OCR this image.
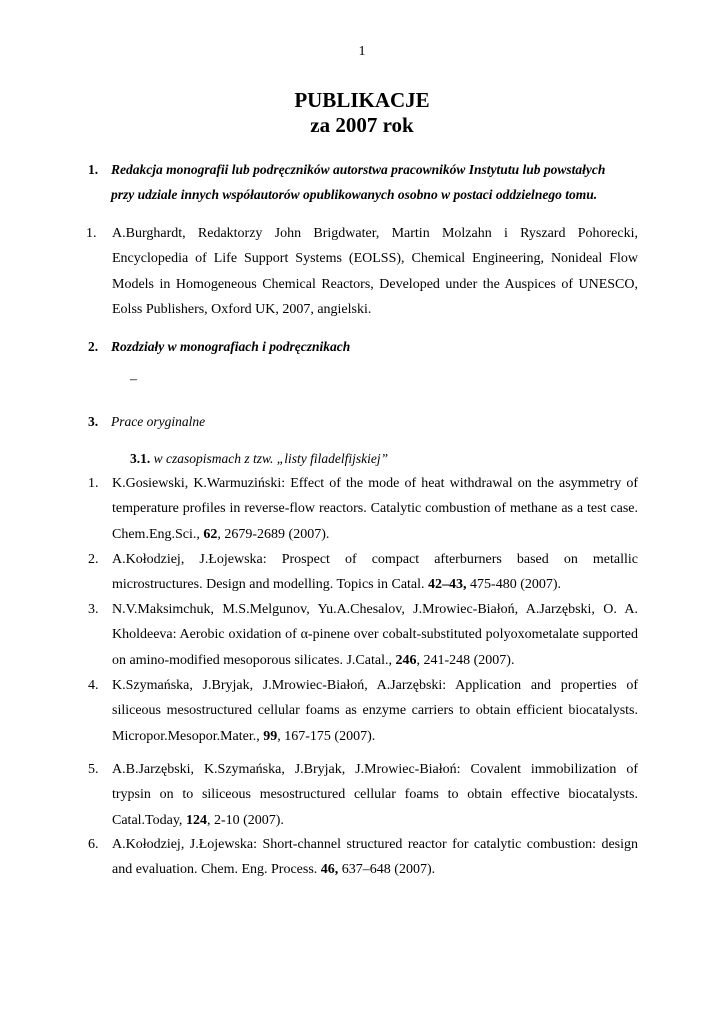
1
PUBLIKACJE
za 2007 rok
1. Redakcja monografii lub podręczników autorstwa pracowników Instytutu lub powstałych
przy udziale innych współautorów opublikowanych osobno w postaci oddzielnego tomu.
1. A.Burghardt, Redaktorzy John Brigdwater, Martin Molzahn i Ryszard Pohorecki, Encyclopedia of Life Support Systems (EOLSS), Chemical Engineering, Nonideal Flow Models in Homogeneous Chemical Reactors, Developed under the Auspices of UNESCO, Eolss Publishers, Oxford UK, 2007, angielski.
2. Rozdziały w monografiach i podręcznikach
–
3. Prace oryginalne
3.1. w czasopismach z tzw. „listy filadelfijskiej”
1. K.Gosiewski, K.Warmuziński: Effect of the mode of heat withdrawal on the asymmetry of temperature profiles in reverse-flow reactors. Catalytic combustion of methane as a test case. Chem.Eng.Sci., 62, 2679-2689 (2007).
2. A.Kołodziej, J.Łojewska: Prospect of compact afterburners based on metallic microstructures. Design and modelling. Topics in Catal. 42–43, 475-480 (2007).
3. N.V.Maksimchuk, M.S.Melgunov, Yu.A.Chesalov, J.Mrowiec-Białoń, A.Jarzębski, O. A. Kholdeeva: Aerobic oxidation of α-pinene over cobalt-substituted polyoxometalate supported on amino-modified mesoporous silicates. J.Catal., 246, 241-248 (2007).
4. K.Szymańska, J.Bryjak, J.Mrowiec-Białoń, A.Jarzębski: Application and properties of siliceous mesostructured cellular foams as enzyme carriers to obtain efficient biocatalysts. Micropor.Mesopor.Mater., 99, 167-175 (2007).
5. A.B.Jarzębski, K.Szymańska, J.Bryjak, J.Mrowiec-Białoń: Covalent immobilization of trypsin on to siliceous mesostructured cellular foams to obtain effective biocatalysts. Catal.Today, 124, 2-10 (2007).
6. A.Kołodziej, J.Łojewska: Short-channel structured reactor for catalytic combustion: design and evaluation. Chem. Eng. Process. 46, 637–648 (2007).
